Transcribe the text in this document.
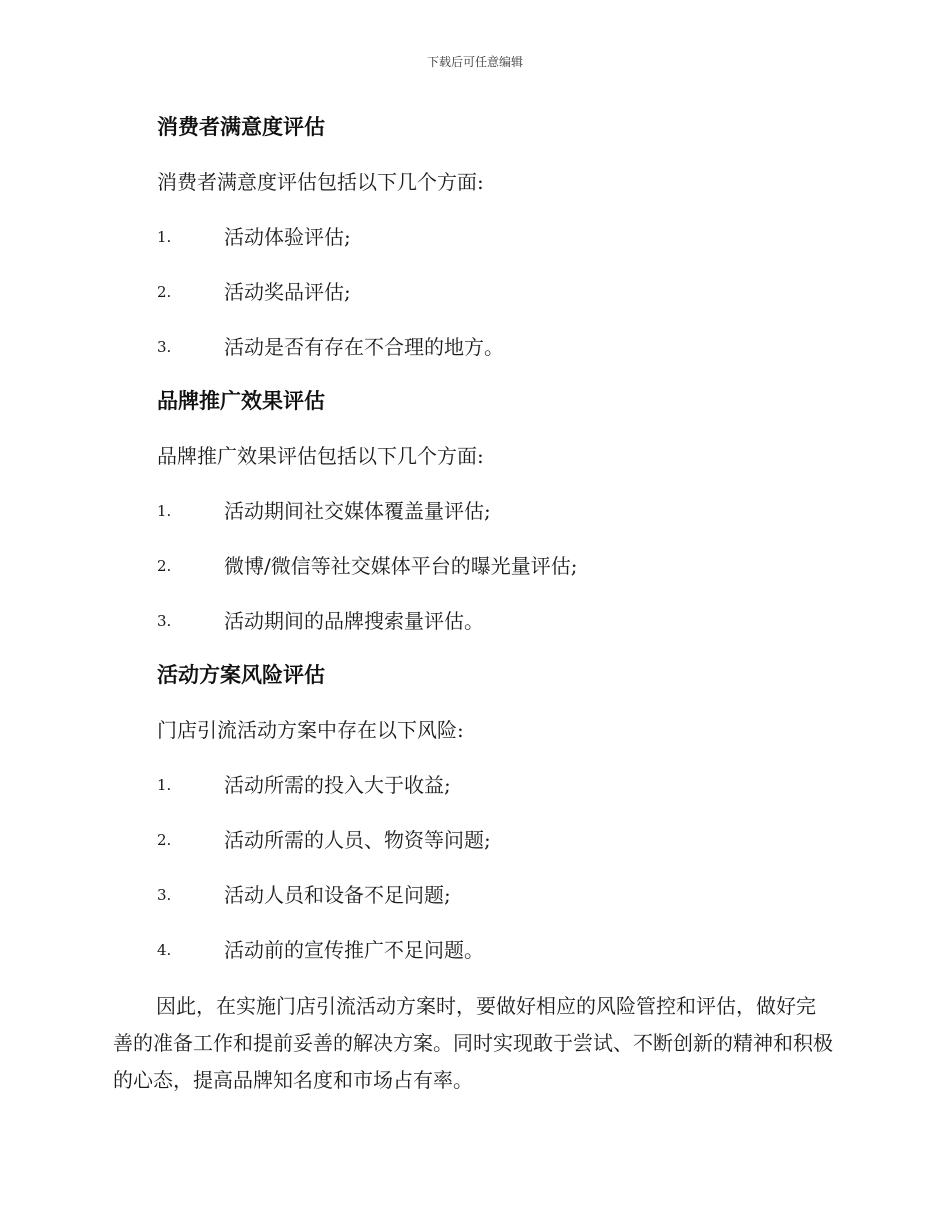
下载后可任意编辑
消费者满意度评估
消费者满意度评估包括以下几个方面:
1.	活动体验评估;
2.	活动奖品评估;
3.	活动是否有存在不合理的地方。
品牌推广效果评估
品牌推广效果评估包括以下几个方面:
1.	活动期间社交媒体覆盖量评估;
2.	微博/微信等社交媒体平台的曝光量评估;
3.	活动期间的品牌搜索量评估。
活动方案风险评估
门店引流活动方案中存在以下风险:
1.	活动所需的投入大于收益;
2.	活动所需的人员、物资等问题;
3.	活动人员和设备不足问题;
4.	活动前的宣传推广不足问题。

因此，在实施门店引流活动方案时，要做好相应的风险管控和评估，做好完善的准备工作和提前妥善的解决方案。同时实现敢于尝试、不断创新的精神和积极的心态，提高品牌知名度和市场占有率。
